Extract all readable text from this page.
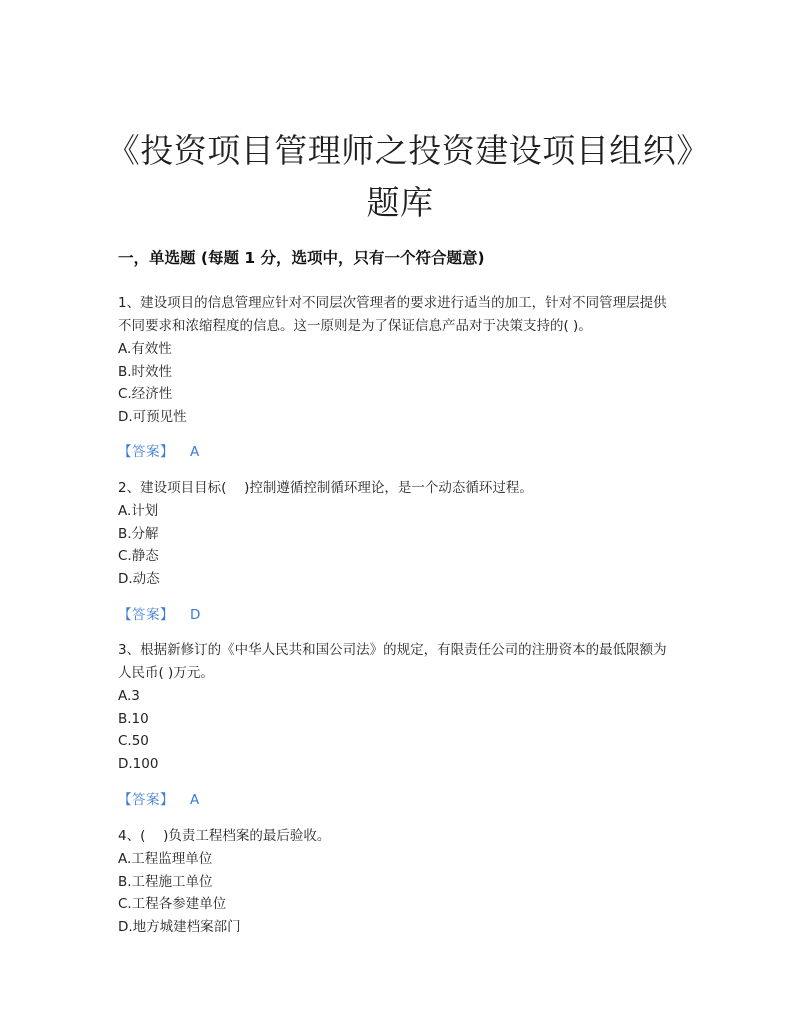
《投资项目管理师之投资建设项目组织》题库
一，单选题 (每题 1 分，选项中，只有一个符合题意)

1、建设项目的信息管理应针对不同层次管理者的要求进行适当的加工，针对不同管理层提供不同要求和浓缩程度的信息。这一原则是为了保证信息产品对于决策支持的( )。

A.有效性

B.时效性

C.经济性

D.可预见性

【答案】 A

2、建设项目目标(　 )控制遵循控制循环理论，是一个动态循环过程。

A.计划

B.分解

C.静态

D.动态

【答案】 D

3、根据新修订的《中华人民共和国公司法》的规定，有限责任公司的注册资本的最低限额为人民币( )万元。

A.3

B.10

C.50

D.100

【答案】 A

4、(　 )负责工程档案的最后验收。

A.工程监理单位

B.工程施工单位

C.工程各参建单位

D.地方城建档案部门
